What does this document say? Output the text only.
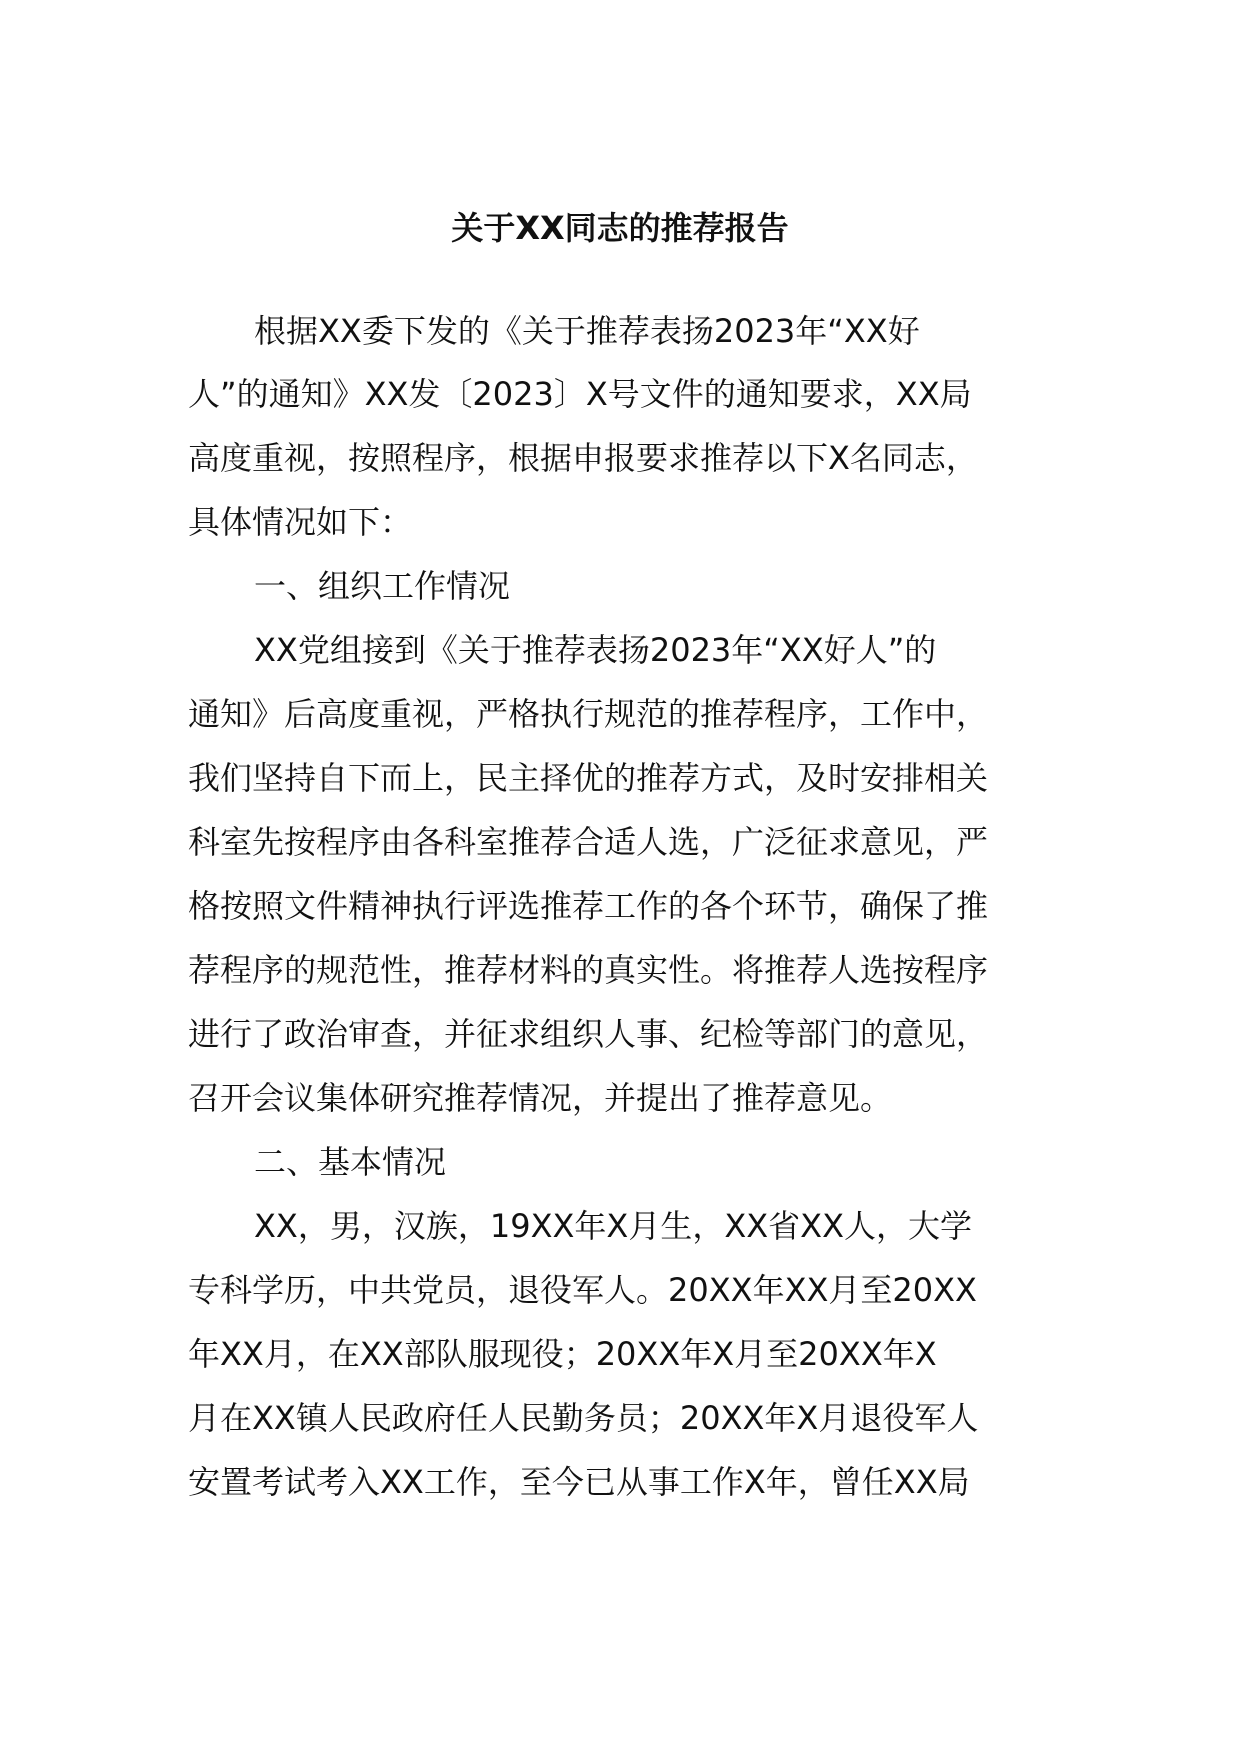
关于XX同志的推荐报告
根据XX委下发的《关于推荐表扬2023年“XX好
人”的通知》XX发〔2023〕X号文件的通知要求，XX局
高度重视，按照程序，根据申报要求推荐以下X名同志，
具体情况如下：
一、组织工作情况
XX党组接到《关于推荐表扬2023年“XX好人”的
通知》后高度重视，严格执行规范的推荐程序，工作中，
我们坚持自下而上，民主择优的推荐方式，及时安排相关
科室先按程序由各科室推荐合适人选，广泛征求意见，严
格按照文件精神执行评选推荐工作的各个环节，确保了推
荐程序的规范性，推荐材料的真实性。将推荐人选按程序
进行了政治审查，并征求组织人事、纪检等部门的意见，
召开会议集体研究推荐情况，并提出了推荐意见。
二、基本情况
XX，男，汉族，19XX年X月生，XX省XX人，大学
专科学历，中共党员，退役军人。20XX年XX月至20XX
年XX月，在XX部队服现役；20XX年X月至20XX年X
月在XX镇人民政府任人民勤务员；20XX年X月退役军人
安置考试考入XX工作，至今已从事工作X年，曾任XX局
